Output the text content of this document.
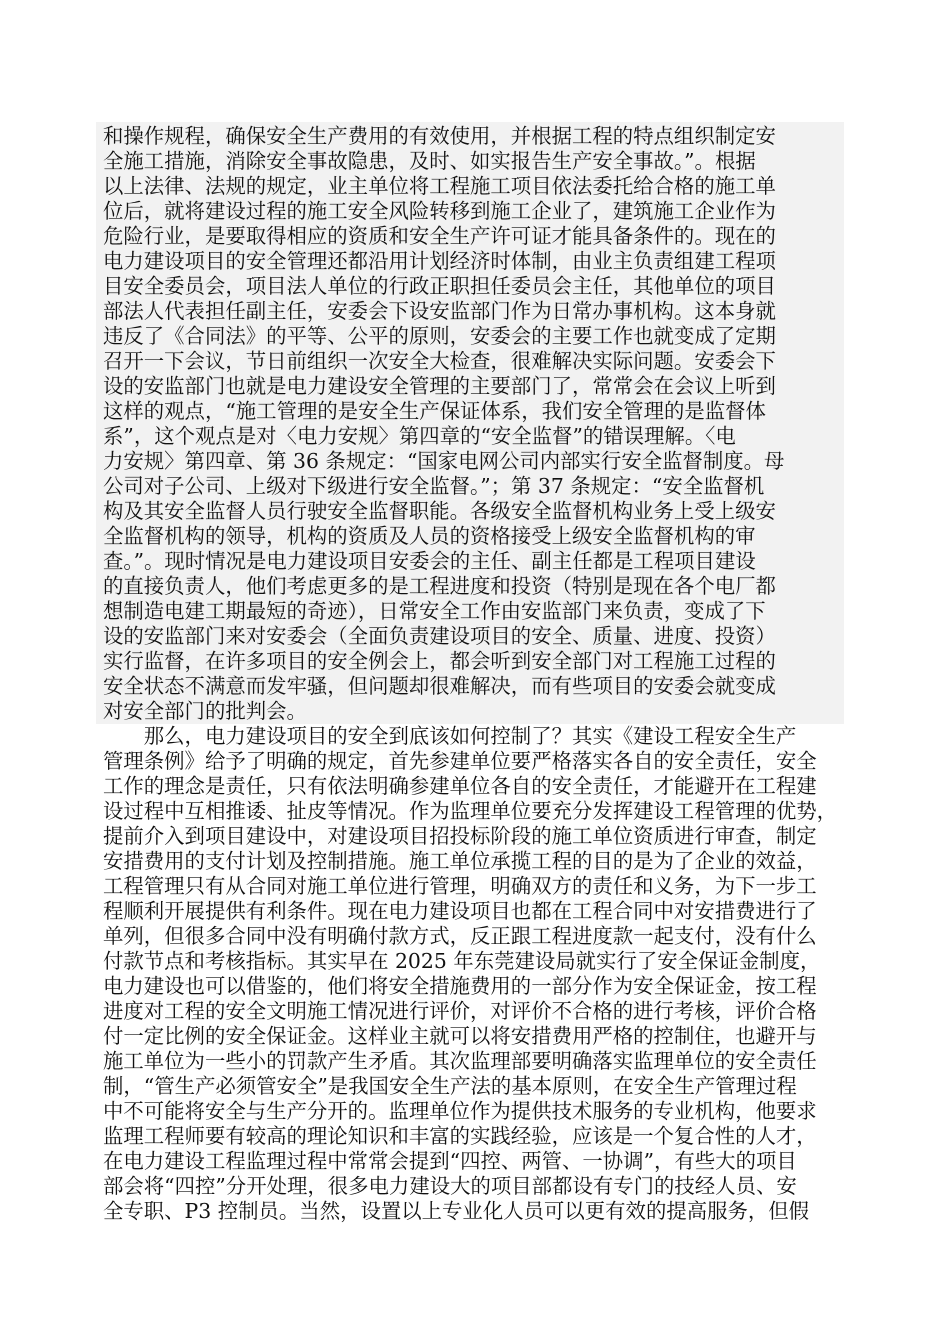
和操作规程，确保安全生产费用的有效使用，并根据工程的特点组织制定安
全施工措施，消除安全事故隐患，及时、如实报告生产安全事故。”。根据
以上法律、法规的规定，业主单位将工程施工项目依法委托给合格的施工单
位后，就将建设过程的施工安全风险转移到施工企业了，建筑施工企业作为
危险行业，是要取得相应的资质和安全生产许可证才能具备条件的。现在的
电力建设项目的安全管理还都沿用计划经济时体制，由业主负责组建工程项
目安全委员会，项目法人单位的行政正职担任委员会主任，其他单位的项目
部法人代表担任副主任，安委会下设安监部门作为日常办事机构。这本身就
违反了《合同法》的平等、公平的原则，安委会的主要工作也就变成了定期
召开一下会议，节日前组织一次安全大检查，很难解决实际问题。安委会下
设的安监部门也就是电力建设安全管理的主要部门了，常常会在会议上听到
这样的观点，“施工管理的是安全生产保证体系，我们安全管理的是监督体
系”，这个观点是对〈电力安规〉第四章的“安全监督”的错误理解。〈电
力安规〉第四章、第 36 条规定：“国家电网公司内部实行安全监督制度。母
公司对子公司、上级对下级进行安全监督。”；第 37 条规定：“安全监督机
构及其安全监督人员行驶安全监督职能。各级安全监督机构业务上受上级安
全监督机构的领导，机构的资质及人员的资格接受上级安全监督机构的审
查。”。现时情况是电力建设项目安委会的主任、副主任都是工程项目建设
的直接负责人，他们考虑更多的是工程进度和投资（特别是现在各个电厂都
想制造电建工期最短的奇迹），日常安全工作由安监部门来负责，变成了下
设的安监部门来对安委会（全面负责建设项目的安全、质量、进度、投资）
实行监督，在许多项目的安全例会上，都会听到安全部门对工程施工过程的
安全状态不满意而发牢骚，但问题却很难解决，而有些项目的安委会就变成
对安全部门的批判会。
　　那么，电力建设项目的安全到底该如何控制了？其实《建设工程安全生产
管理条例》给予了明确的规定，首先参建单位要严格落实各自的安全责任，安全
工作的理念是责任，只有依法明确参建单位各自的安全责任，才能避开在工程建
设过程中互相推诿、扯皮等情况。作为监理单位要充分发挥建设工程管理的优势，
提前介入到项目建设中，对建设项目招投标阶段的施工单位资质进行审查，制定
安措费用的支付计划及控制措施。施工单位承揽工程的目的是为了企业的效益，
工程管理只有从合同对施工单位进行管理，明确双方的责任和义务，为下一步工
程顺利开展提供有利条件。现在电力建设项目也都在工程合同中对安措费进行了
单列，但很多合同中没有明确付款方式，反正跟工程进度款一起支付，没有什么
付款节点和考核指标。其实早在 2025 年东莞建设局就实行了安全保证金制度，
电力建设也可以借鉴的，他们将安全措施费用的一部分作为安全保证金，按工程
进度对工程的安全文明施工情况进行评价，对评价不合格的进行考核，评价合格
付一定比例的安全保证金。这样业主就可以将安措费用严格的控制住，也避开与
施工单位为一些小的罚款产生矛盾。其次监理部要明确落实监理单位的安全责任
制，“管生产必须管安全”是我国安全生产法的基本原则，在安全生产管理过程
中不可能将安全与生产分开的。监理单位作为提供技术服务的专业机构，他要求
监理工程师要有较高的理论知识和丰富的实践经验，应该是一个复合性的人才，
在电力建设工程监理过程中常常会提到“四控、两管、一协调”，有些大的项目
部会将“四控”分开处理，很多电力建设大的项目部都设有专门的技经人员、安
全专职、P3 控制员。当然，设置以上专业化人员可以更有效的提高服务，但假
